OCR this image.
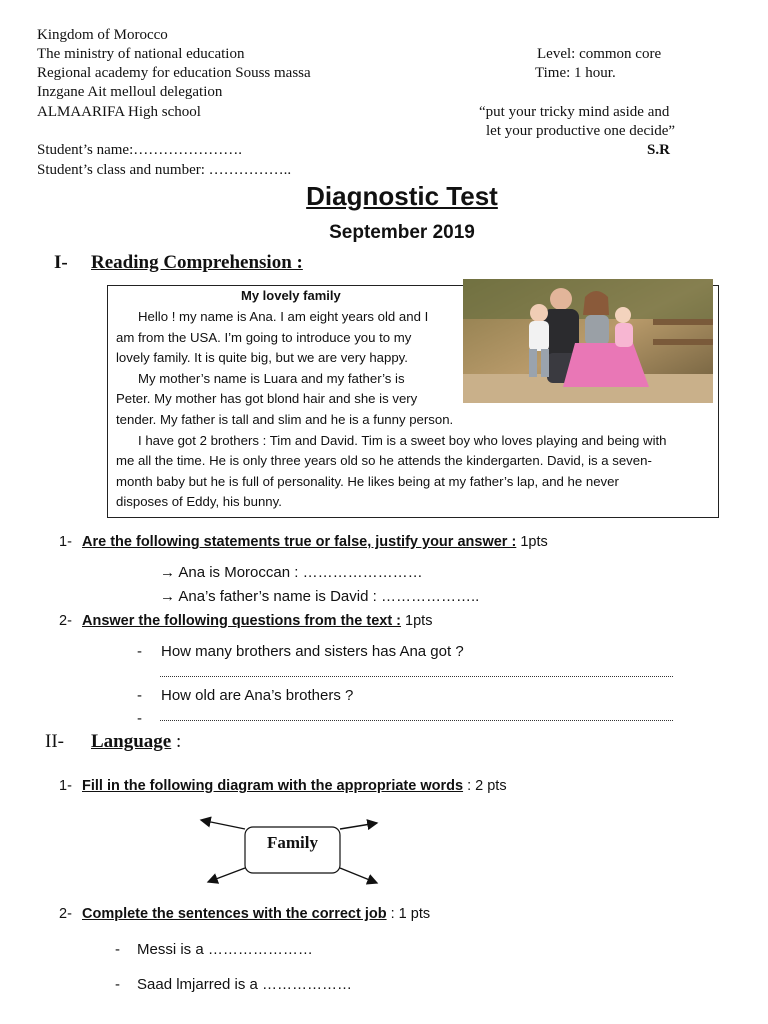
Kingdom of Morocco
The ministry of national education
Regional academy for education Souss massa
Inzgane Ait melloul delegation
ALMAARIFA High school
Level: common core
Time: 1 hour.
“put your tricky mind aside and
let your productive one decide”
S.R
Student’s name:………………….
Student’s class and number: ……………..
Diagnostic Test
September 2019
I- Reading Comprehension :
My lovely family
Hello ! my name is Ana. I am eight years old and I
am from the USA. I’m going to introduce you to my
lovely family. It is quite big, but we are very happy.
My mother’s name is Luara and my father’s is
Peter. My mother has got blond hair and she is very
tender. My father is tall and slim and he is a funny person.
I have got 2 brothers : Tim and David. Tim is a sweet boy who loves playing and being with
me all the time. He is only three years old so he attends the kindergarten. David, is a seven-
month baby but he is full of personality. He likes being at my father’s lap, and he never
disposes of Eddy, his bunny.
1- Are the following statements true or false, justify your answer : 1pts
→ Ana is Moroccan : ……………………
→ Ana’s father’s name is David : ………………..
2- Answer the following questions from the text : 1pts
- How many brothers and sisters has Ana got ?
- How old are Ana’s brothers ?
-
II- Language :
1- Fill in the following diagram with the appropriate words : 2 pts
Family
2- Complete the sentences with the correct job : 1 pts
- Messi is a …………………
- Saad lmjarred is a ………………
